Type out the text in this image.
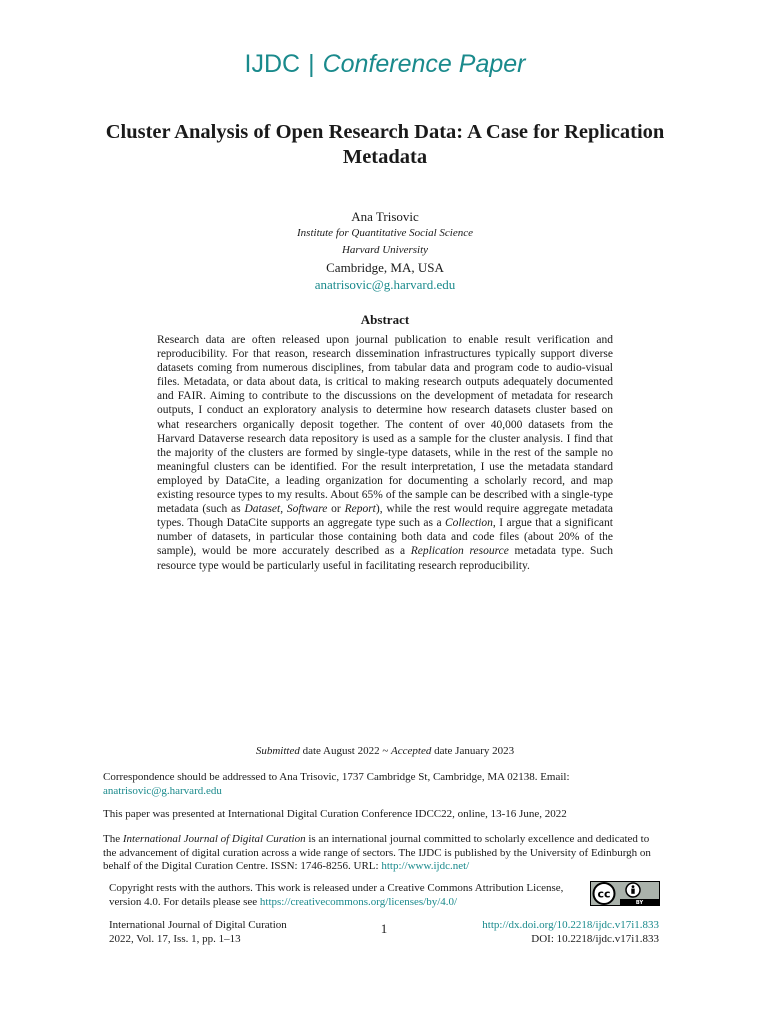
IJDC | Conference Paper
Cluster Analysis of Open Research Data: A Case for Replication Metadata
Ana Trisovic
Institute for Quantitative Social Science
Harvard University
Cambridge, MA, USA
anatrisovic@g.harvard.edu
Abstract
Research data are often released upon journal publication to enable result verification and reproducibility. For that reason, research dissemination infrastructures typically support diverse datasets coming from numerous disciplines, from tabular data and program code to audio-visual files. Metadata, or data about data, is critical to making research outputs adequately documented and FAIR. Aiming to contribute to the discussions on the development of metadata for research outputs, I conduct an exploratory analysis to determine how research datasets cluster based on what researchers organically deposit together. The content of over 40,000 datasets from the Harvard Dataverse research data repository is used as a sample for the cluster analysis. I find that the majority of the clusters are formed by single-type datasets, while in the rest of the sample no meaningful clusters can be identified. For the result interpretation, I use the metadata standard employed by DataCite, a leading organization for documenting a scholarly record, and map existing resource types to my results. About 65% of the sample can be described with a single-type metadata (such as Dataset, Software or Report), while the rest would require aggregate metadata types. Though DataCite supports an aggregate type such as a Collection, I argue that a significant number of datasets, in particular those containing both data and code files (about 20% of the sample), would be more accurately described as a Replication resource metadata type. Such resource type would be particularly useful in facilitating research reproducibility.
Submitted date August 2022 ~ Accepted date January 2023
Correspondence should be addressed to Ana Trisovic, 1737 Cambridge St, Cambridge, MA 02138. Email:
anatrisovic@g.harvard.edu
This paper was presented at International Digital Curation Conference IDCC22, online, 13-16 June, 2022
The International Journal of Digital Curation is an international journal committed to scholarly excellence and dedicated to the advancement of digital curation across a wide range of sectors. The IJDC is published by the University of Edinburgh on behalf of the Digital Curation Centre. ISSN: 1746-8256. URL: http://www.ijdc.net/
Copyright rests with the authors. This work is released under a Creative Commons Attribution License, version 4.0. For details please see https://creativecommons.org/licenses/by/4.0/
cc
BY
International Journal of Digital Curation
2022, Vol. 17, Iss. 1, pp. 1–13
1	http://dx.doi.org/10.2218/ijdc.v17i1.833
DOI: 10.2218/ijdc.v17i1.833
